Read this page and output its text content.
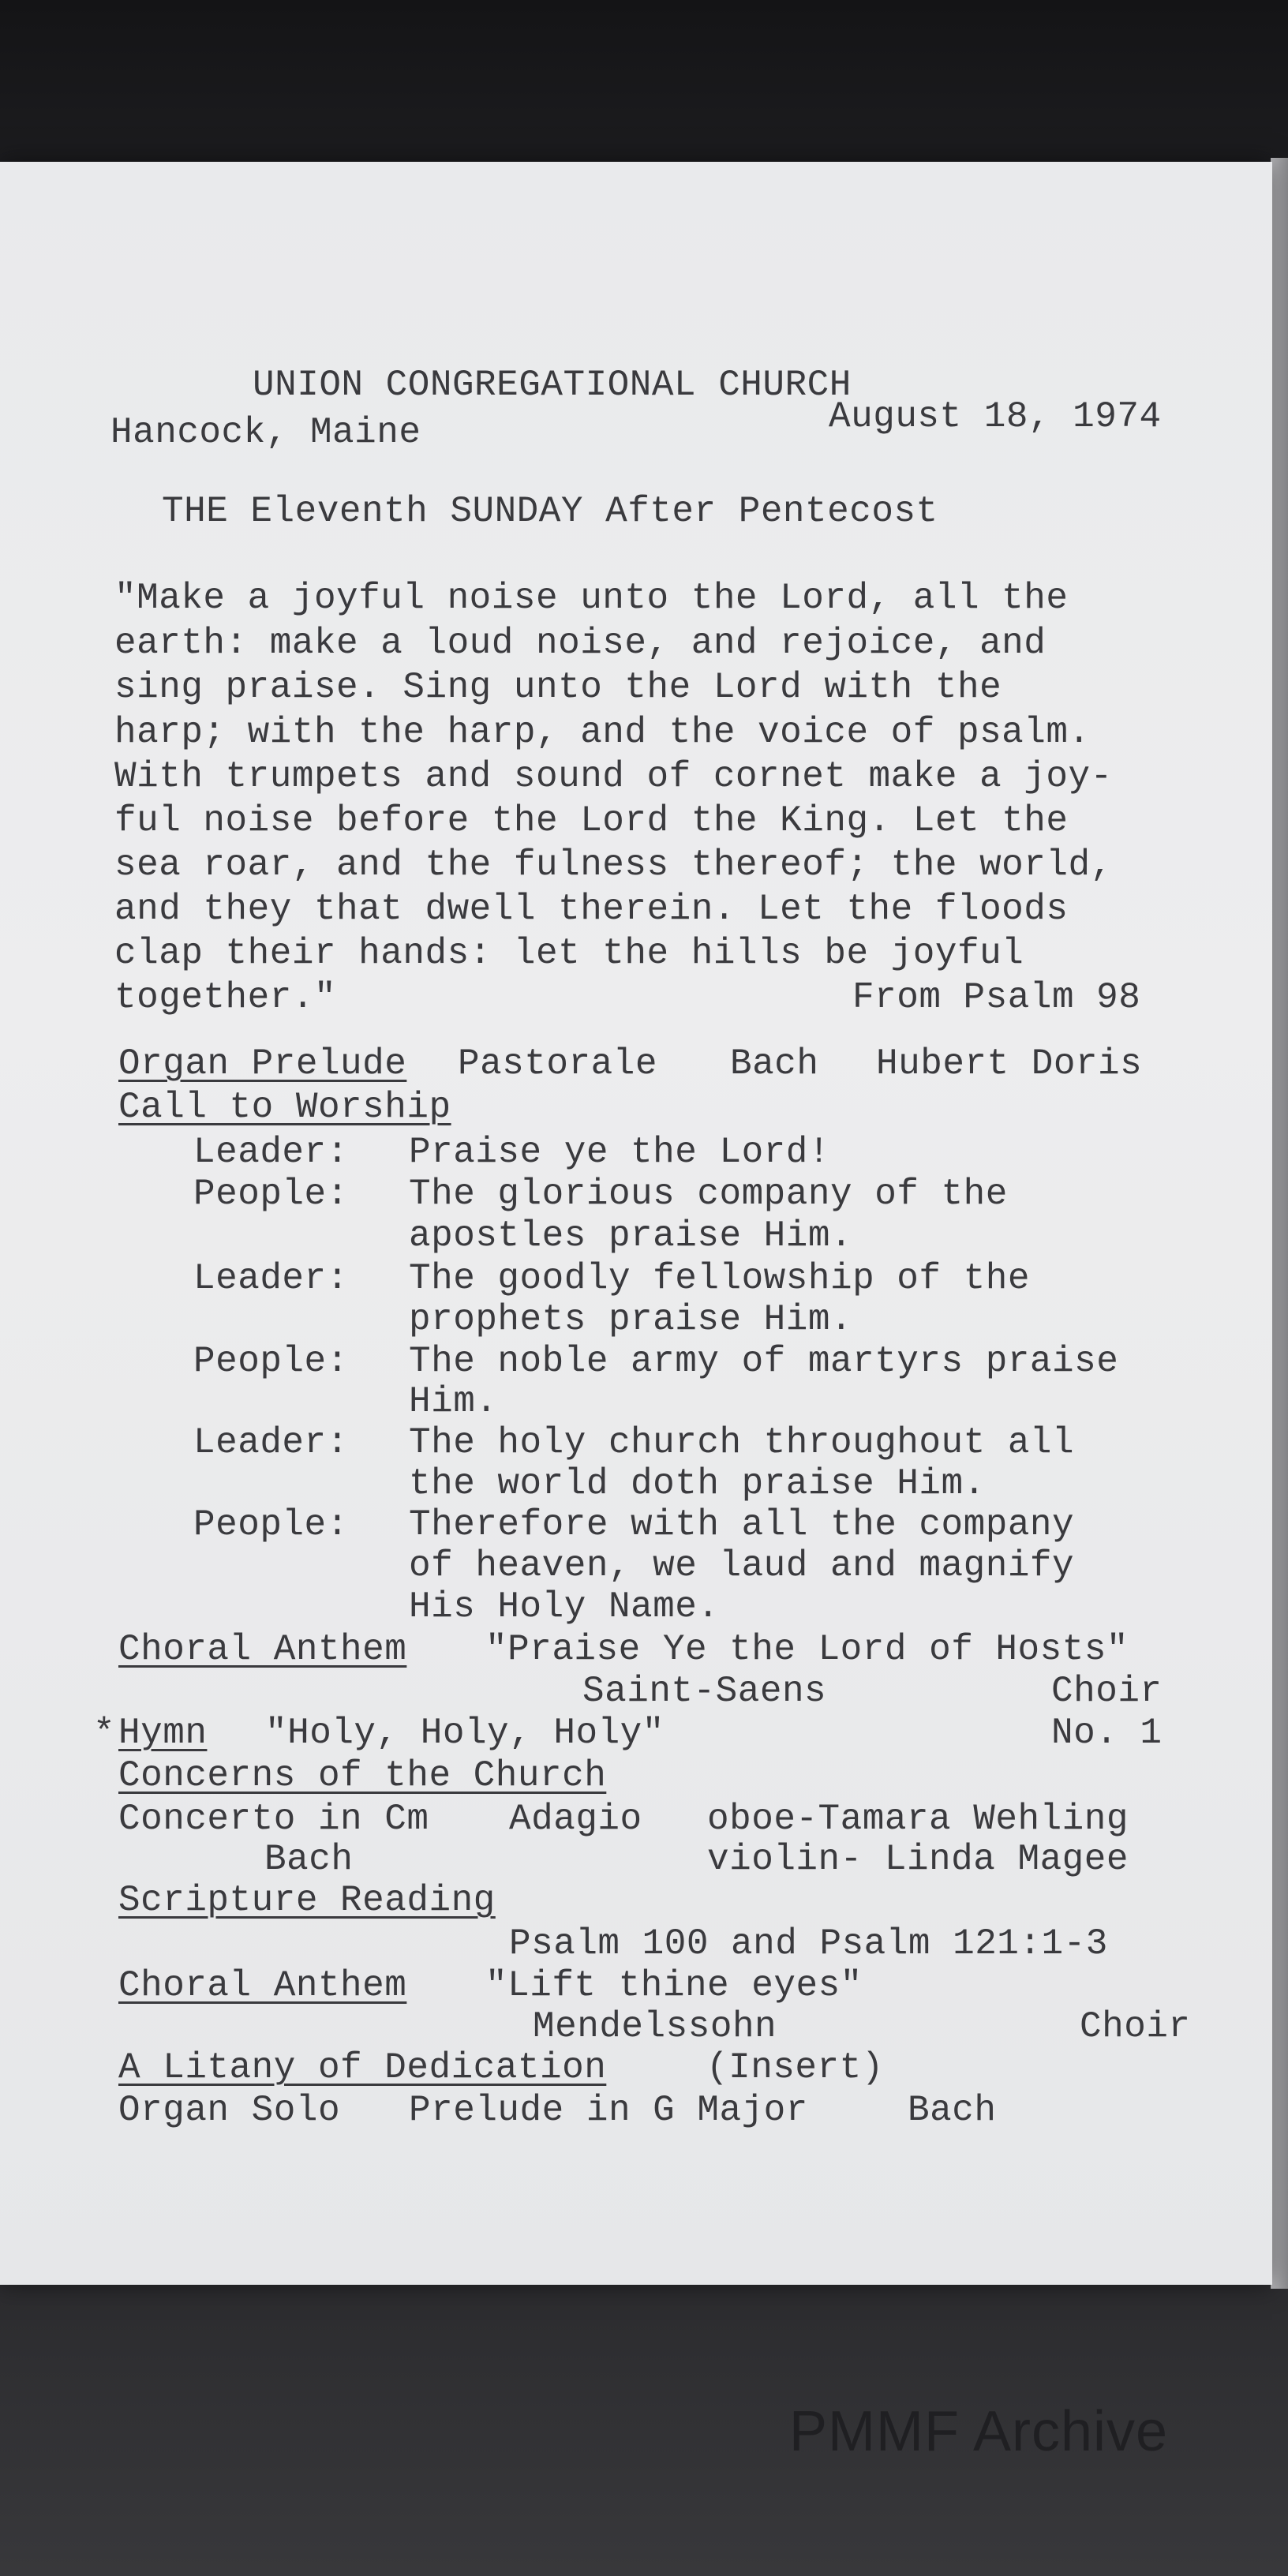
UNION CONGREGATIONAL CHURCH
Hancock, Maine	August 18, 1974
THE Eleventh SUNDAY After Pentecost
"Make a joyful noise unto the Lord, all the
earth: make a loud noise, and rejoice, and
sing praise. Sing unto the Lord with the
harp; with the harp, and the voice of psalm.
With trumpets and sound of cornet make a joy-
ful noise before the Lord the King. Let the
sea roar, and the fulness thereof; the world,
and they that dwell therein. Let the floods
clap their hands: let the hills be joyful
together."	From Psalm 98
Organ Prelude Pastorale Bach Hubert Doris
Call to Worship
Leader: Praise ye the Lord!
People: The glorious company of the
apostles praise Him.
Leader: The goodly fellowship of the
prophets praise Him.
People: The noble army of martyrs praise
Him.
Leader: The holy church throughout all
the world doth praise Him.
People: Therefore with all the company
of heaven, we laud and magnify
His Holy Name.
Choral Anthem "Praise Ye the Lord of Hosts"
Saint-Saens	Choir
* Hymn "Holy, Holy, Holy"	No. 1
Concerns of the Church
Concerto in Cm Adagio oboe-Tamara Wehling
Bach	violin- Linda Magee
Scripture Reading
Psalm 100 and Psalm 121:1-3
Choral Anthem "Lift thine eyes"
Mendelssohn	Choir
A Litany of Dedication	(Insert)
Organ Solo Prelude in G Major	Bach
PMMF Archive
